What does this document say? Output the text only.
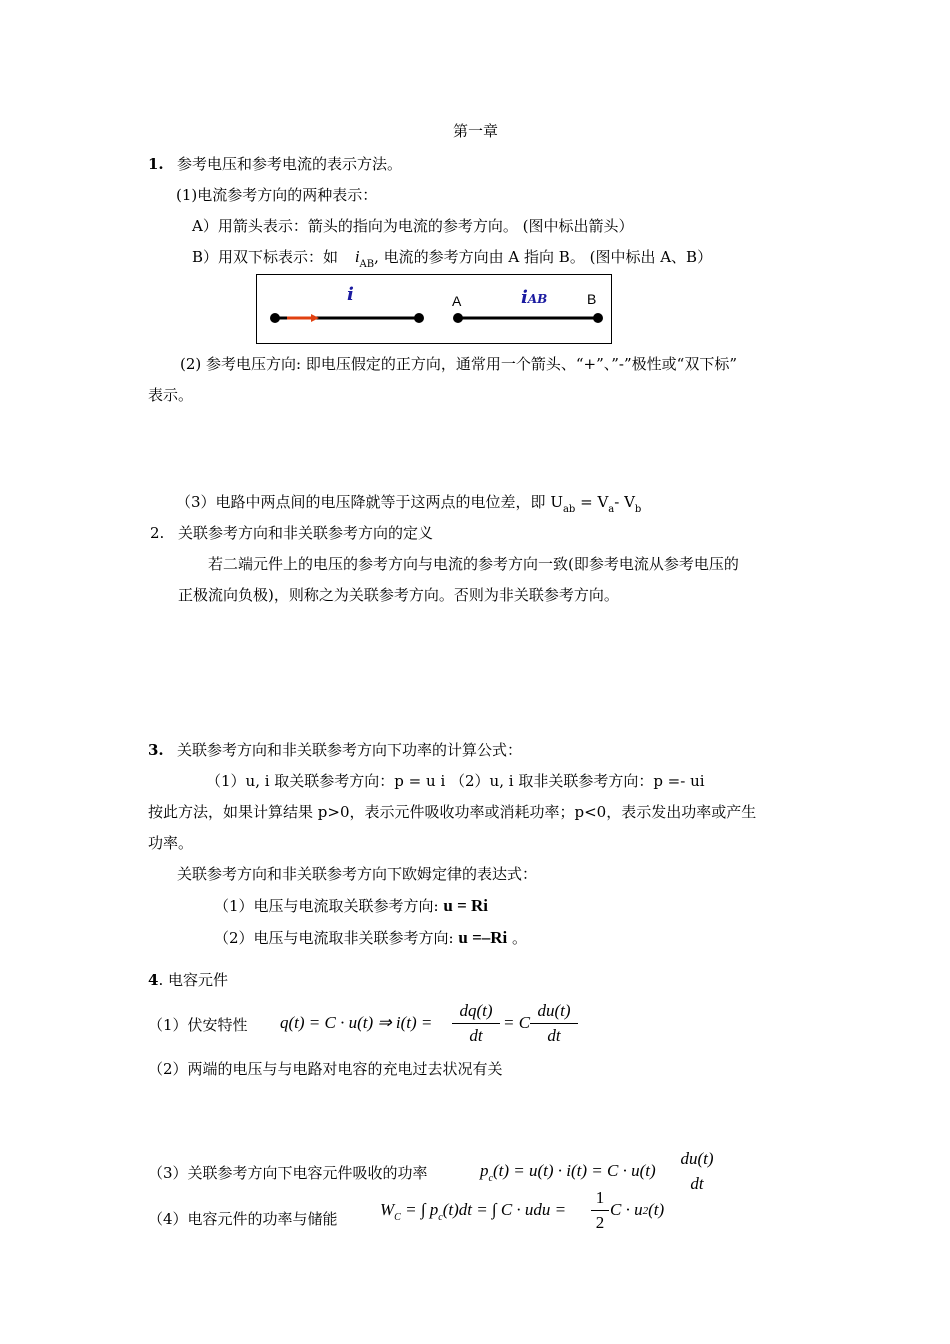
第一章
1. 参考电压和参考电流的表示方法。
(1)电流参考方向的两种表示：
A）用箭头表示：箭头的指向为电流的参考方向。 (图中标出箭头）
B）用双下标表示：如 $i_{AB}$, 电流的参考方向由 A 指向 B。 (图中标出 A、B）
i	A	iAB	B
(2) 参考电压方向: 即电压假定的正方向，通常用一个箭头、“+”、”-”极性或“双下标”
表示。
（3）电路中两点间的电压降就等于这两点的电位差，即 $U_{ab} = V_a-$ $V_b$
2. 关联参考方向和非关联参考方向的定义
若二端元件上的电压的参考方向与电流的参考方向一致(即参考电流从参考电压的
正极流向负极)，则称之为关联参考方向。否则为非关联参考方向。
3. 关联参考方向和非关联参考方向下功率的计算公式：
（1）u, i 取关联参考方向：p = u i （2）u, i 取非关联参考方向：p =- ui
按此方法，如果计算结果 p>0，表示元件吸收功率或消耗功率；p<0，表示发出功率或产生
功率。
关联参考方向和非关联参考方向下欧姆定律的表达式：
（1）电压与电流取关联参考方向: u = Ri
（2）电压与电流取非关联参考方向: u =–Ri 。
4. 电容元件
（1）伏安特性 q(t) = C · u(t) ⇒ i(t) =
dq(t)
dt
= C
du(t)
dt
（2）两端的电压与与电路对电容的充电过去状况有关
（3）关联参考方向下电容元件吸收的功率	$p_c(t) = u(t) \cdot i(t) = C \cdot u(t)$
du(t)
dt
（4）电容元件的功率与储能 $W_C$ = ∫ $p_c(t)dt$ = ∫ C · udu =
1
2
C · u2(t)
